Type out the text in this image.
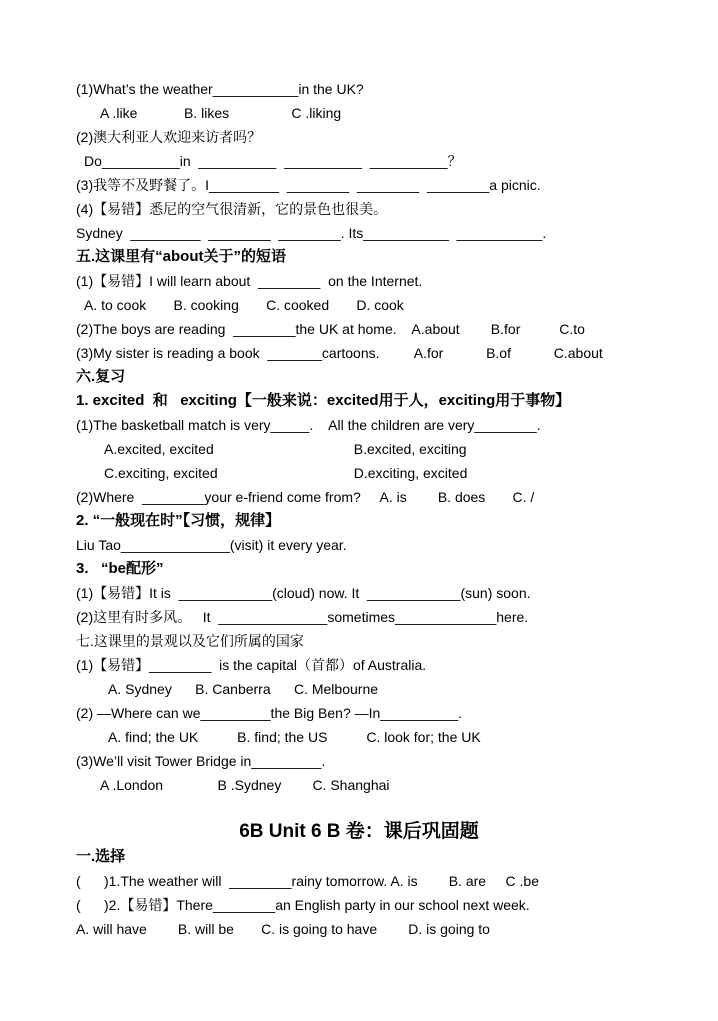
(1)What’s the weather___________in the UK?
A .like            B. likes                C .liking
(2)澳大利亚人欢迎来访者吗？
Do__________in  __________  __________  __________？
(3)我等不及野餐了。I_________  ________  ________  ________a picnic.
(4)【易错】悉尼的空气很清新，它的景色也很美。
Sydney  _________  ________  ________. Its___________  ___________.
五.这课里有“about关于”的短语
(1)【易错】I will learn about  ________  on the Internet.
A. to cook       B. cooking       C. cooked       D. cook
(2)The boys are reading  ________the UK at home.    A.about        B.for          C.to
(3)My sister is reading a book  _______cartoons.         A.for           B.of           C.about
六.复习
1. excited  和   exciting【一般来说：excited用于人，exciting用于事物】
(1)The basketball match is very_____.    All the children are very________.
A.excited, excited                                    B.excited, exciting
C.exciting, excited                                   D.exciting, excited
(2)Where  ________your e-friend come from?     A. is        B. does       C. /
2. “一般现在时”【习惯，规律】
Liu Tao______________(visit) it every year.
3.   “be配形”
(1)【易错】It is  ____________(cloud) now. It  ____________(sun) soon.
(2)这里有时多风。   It  ______________sometimes_____________here.
七.这课里的景观以及它们所属的国家
(1)【易错】________  is the capital（首都）of Australia.
A. Sydney      B. Canberra      C. Melbourne
(2) —Where can we_________the Big Ben? —In__________.
A. find; the UK          B. find; the US          C. look for; the UK
(3)We’ll visit Tower Bridge in_________.
A .London              B .Sydney        C. Shanghai
一.选择
(      )1.The weather will  ________rainy tomorrow. A. is        B. are     C .be
(      )2.【易错】There________an English party in our school next week.
A. will have        B. will be       C. is going to have        D. is going to
6B Unit 6 B 卷：课后巩固题
